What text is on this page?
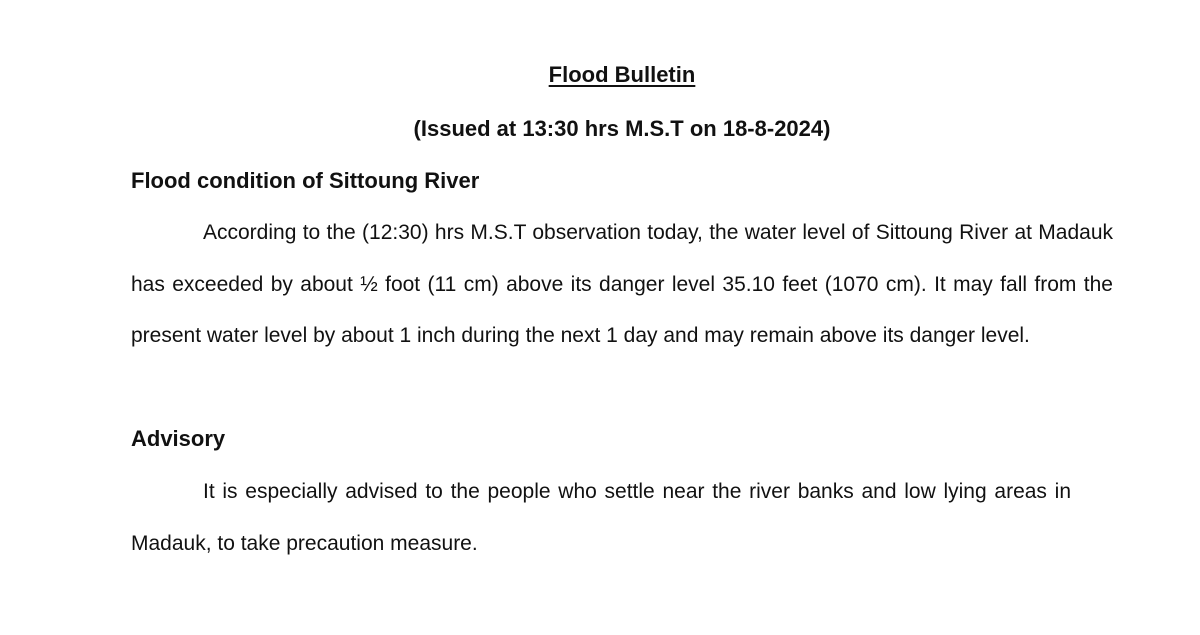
Flood Bulletin
(Issued at 13:30 hrs M.S.T on 18-8-2024)
Flood condition of Sittoung River

According to the (12:30) hrs M.S.T observation today, the water level of Sittoung River at Madauk has exceeded by about ½ foot (11 cm) above its danger level 35.10 feet (1070 cm). It may fall from the present water level by about 1 inch during the next 1 day and may remain above its danger level.

Advisory

It is especially advised to the people who settle near the river banks and low lying areas in Madauk, to take precaution measure.
